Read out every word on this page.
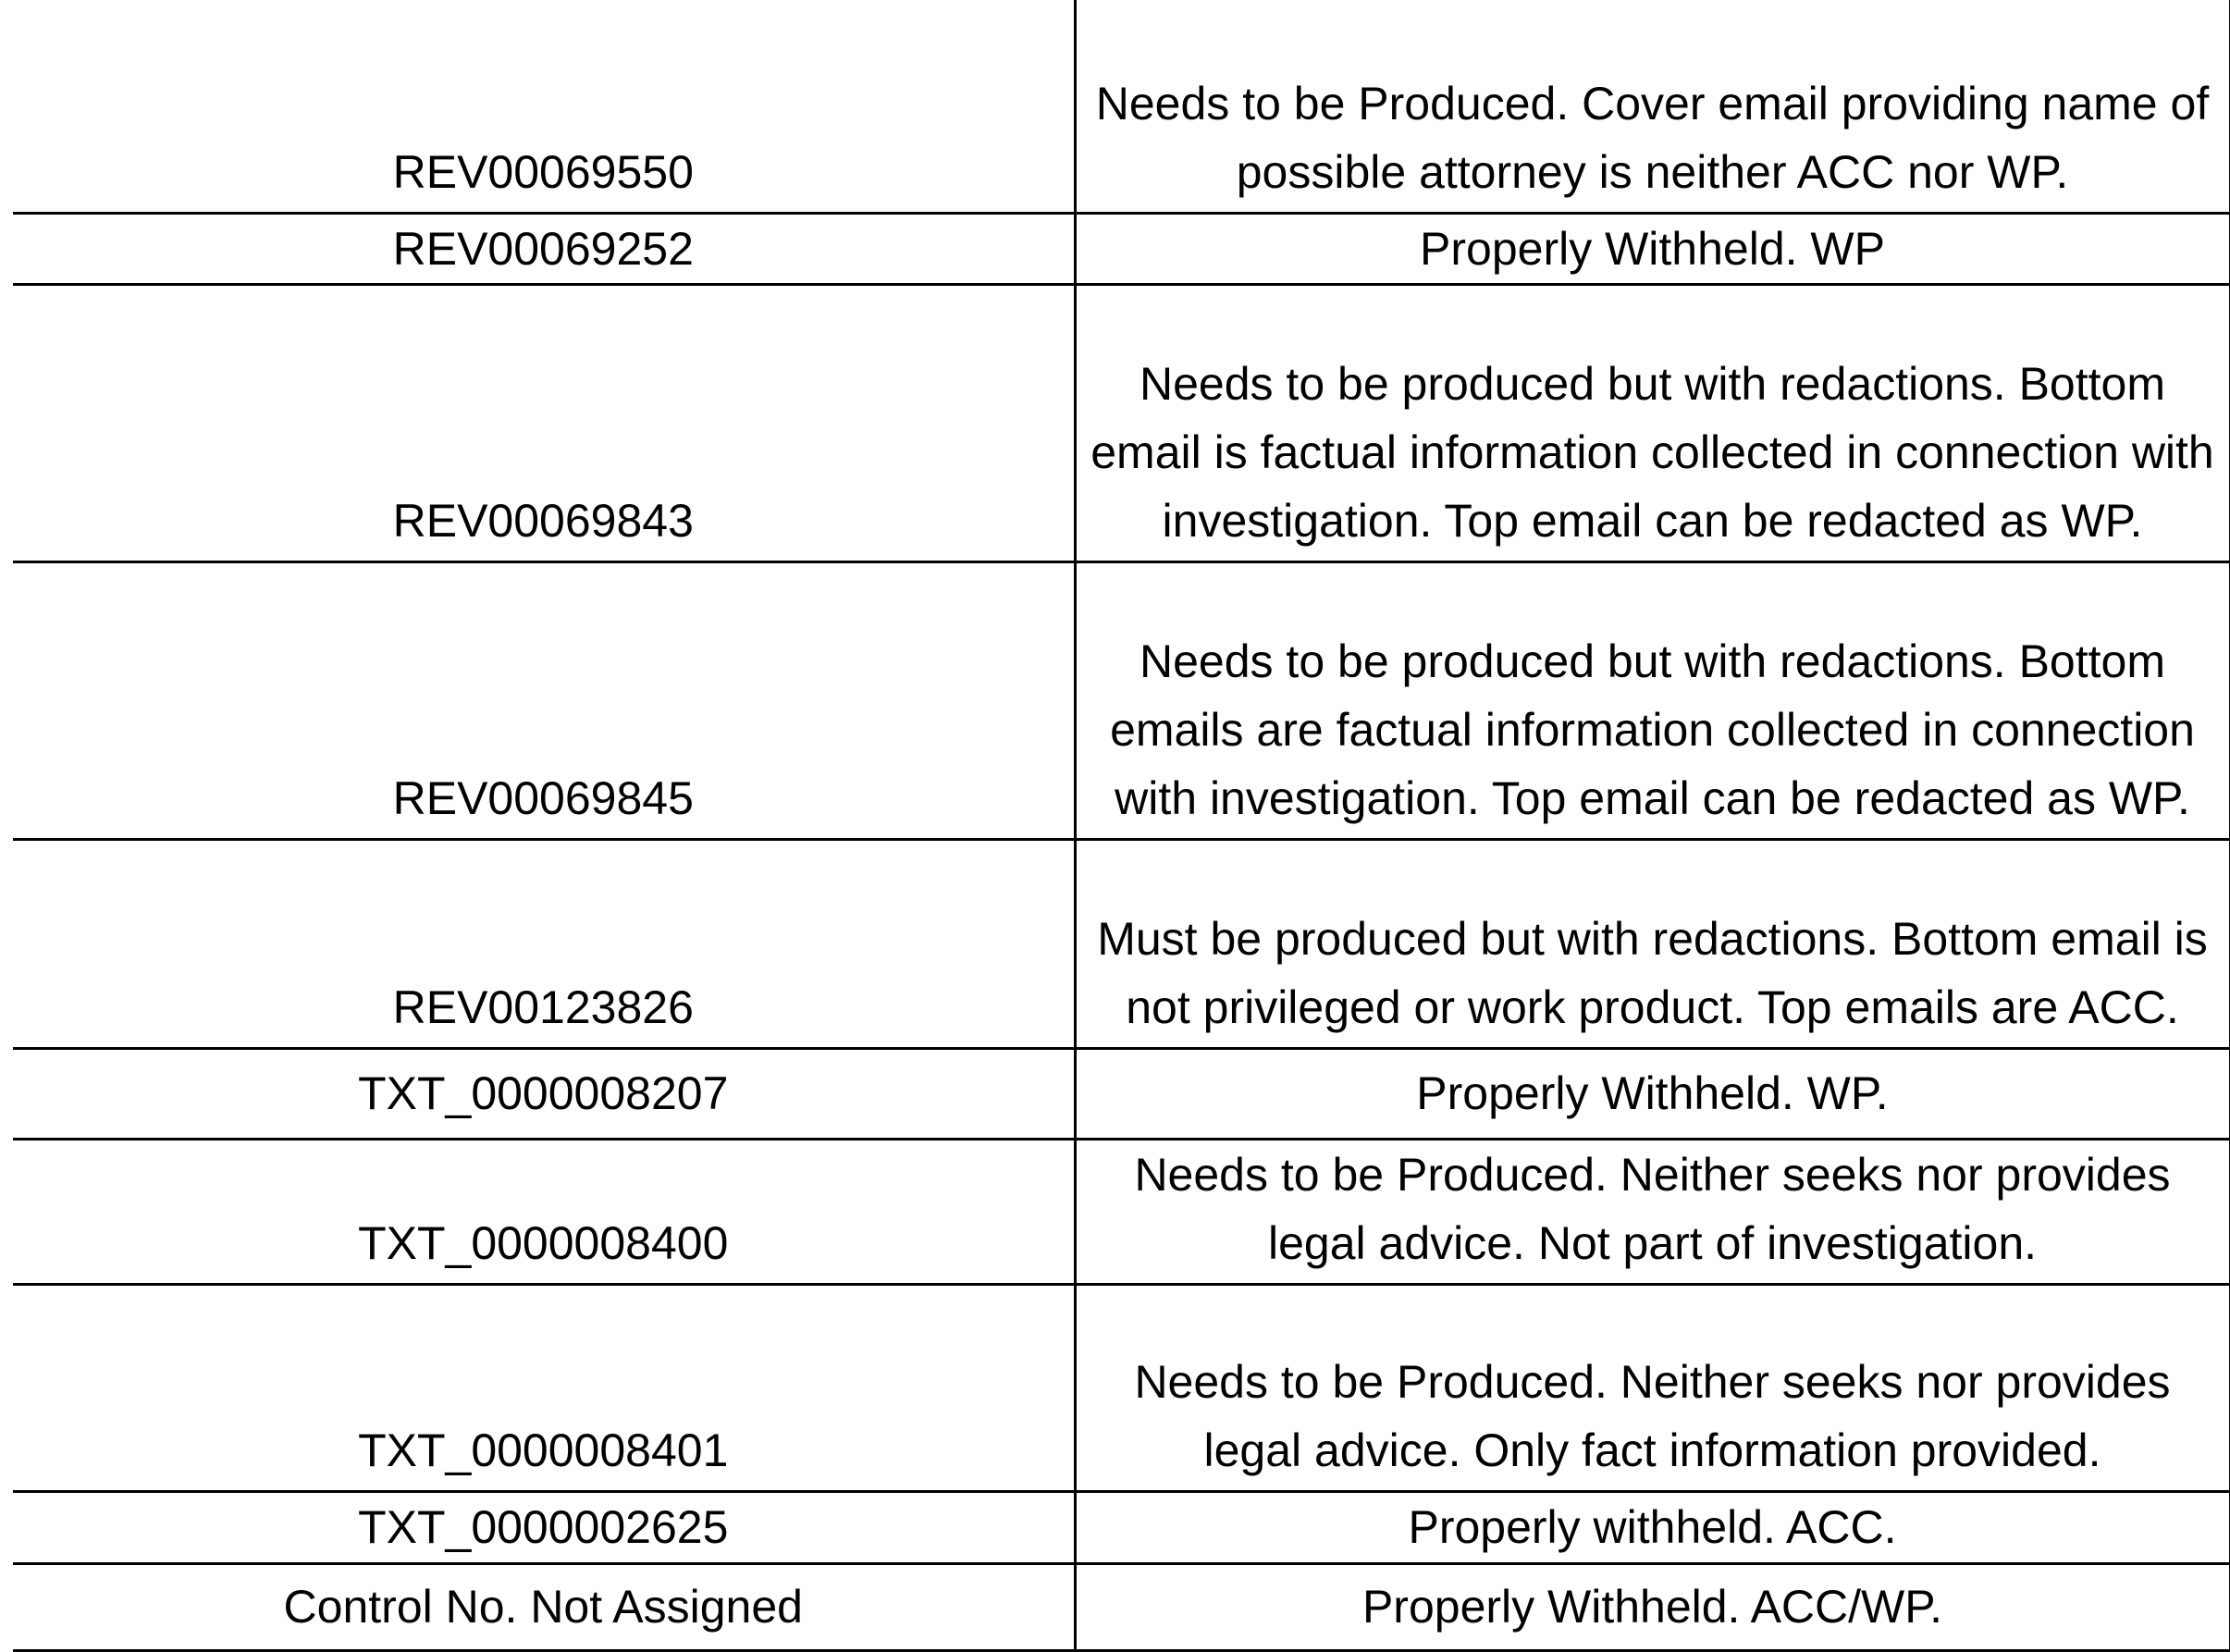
REV00069550	Needs to be Produced. Cover email providing name of possible attorney is neither ACC nor WP.
REV00069252	Properly Withheld. WP
REV00069843	Needs to be produced but with redactions. Bottom email is factual information collected in connection with investigation. Top email can be redacted as WP.
REV00069845	Needs to be produced but with redactions. Bottom emails are factual information collected in connection with investigation. Top email can be redacted as WP.
REV00123826	Must be produced but with redactions. Bottom email is not privileged or work product. Top emails are ACC.
TXT_0000008207	Properly Withheld. WP.
TXT_0000008400	Needs to be Produced. Neither seeks nor provides legal advice. Not part of investigation.
TXT_0000008401	Needs to be Produced. Neither seeks nor provides legal advice. Only fact information provided.
TXT_0000002625	Properly withheld. ACC.
Control No. Not Assigned	Properly Withheld. ACC/WP.
